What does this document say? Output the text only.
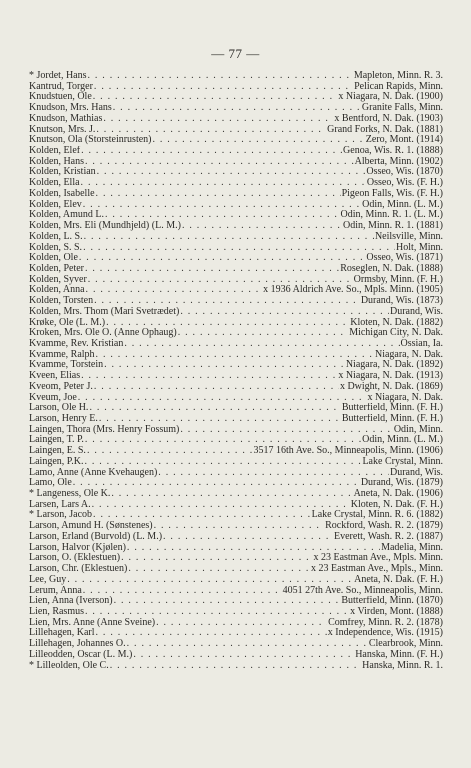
— 77 —
* Jordet, Hans . . .	Mapleton, Minn. R. 3.
Kantrud, Torger . . .	Pelican Rapids, Minn.
Knudstuen, Ole . . .	x Niagara, N. Dak. (1900)
Knudson, Mrs. Hans . . .	Granite Falls, Minn.
Knudson, Mathias . . .	x Bentford, N. Dak. (1903)
Knutson, Mrs. J. . . .	Grand Forks, N. Dak. (1881)
Knutson, Ola (Storsteinrusten) . . .	Zero, Mont. (1914)
Kolden, Elef . . .	Genoa, Wis. R. 1. (1888)
Kolden, Hans . . .	Alberta, Minn. (1902)
Kolden, Kristian . . .	Osseo, Wis. (1870)
Kolden, Ella . . .	Osseo, Wis. (F. H.)
Kolden, Isabelle . . .	Pigeon Falls, Wis. (F. H.)
Kolden, Elev . . .	Odin, Minn. (L. M.)
Kolden, Amund L. . . .	Odin, Minn. R. 1. (L. M.)
Kolden, Mrs. Eli (Mundhjeld) (L. M.) . . .	Odin, Minn. R. 1. (1881)
Kolden, L. S. . . .	Neilsville, Minn.
Kolden, S. S. . . .	Holt, Minn.
Kolden, Ole . . .	Osseo, Wis. (1871)
Kolden, Peter . . .	Roseglen, N. Dak. (1888)
Kolden, Syver . . .	Ormsby, Minn. (F. H.)
Kolden, Anna . . .	x 1936 Aldrich Ave. So., Mpls. Minn. (1905)
Kolden, Torsten . . .	Durand, Wis. (1873)
Kolden, Mrs. Thom (Mari Svetrædet) . . .	Durand, Wis.
Krøke, Ole (L. M.) . . .	Kloten, N. Dak. (1882)
Kroken, Mrs. Ole O. (Anne Ophaug) . . .	Michigan City, N. Dak.
Kvamme, Rev. Kristian . . .	Ossian, Ia.
Kvamme, Ralph . . .	Niagara, N. Dak.
Kvamme, Torstein . . .	Niagara, N. Dak. (1892)
Kveen, Elias . . .	x Niagara, N. Dak. (1913)
Kveom, Peter J. . . .	x Dwight, N. Dak. (1869)
Kveum, Joe . . .	x Niagara, N. Dak.
Larson, Ole H. . . .	Butterfield, Minn. (F. H.)
Larson, Henry E. . . .	Butterfield, Minn. (F. H.)
Laingen, Thora (Mrs. Henry Fossum) . . .	Odin, Minn.
Laingen, T. P. . . .	Odin, Minn. (L. M.)
Laingen, E. S. . . .	3517 16th Ave. So., Minneapolis, Minn. (1906)
Laingen, P.K. . . .	Lake Crystal, Minn.
Lamo, Anne (Anne Kvehaugen) . . .	Durand, Wis.
Lamo, Ole . . .	Durand, Wis. (1879)
* Langeness, Ole K. . . .	Aneta, N. Dak. (1906)
Larsen, Lars A. . . .	Kloten, N. Dak. (F. H.)
* Larson, Jacob . . .	Lake Crystal, Minn. R. 6. (1882)
Larson, Amund H. (Sønstenes) . . .	Rockford, Wash. R. 2. (1879)
Larson, Erland (Burvold) (L. M.) . . .	Everett, Wash. R. 2. (1887)
Larson, Halvor (Kjølen) . . .	Madelia, Minn.
Larson, O. (Eklestuen) . . .	x 23 Eastman Ave., Mpls. Minn.
Larson, Chr. (Eklestuen) . . .	x 23 Eastman Ave., Mpls., Minn.
Lee, Guy . . .	Aneta, N. Dak. (F. H.)
Lerum, Anna . . .	4051 27th Ave. So., Minneapolis, Minn.
Lien, Anna (Iverson) . . .	Butterfield, Minn. (1870)
Lien, Rasmus . . .	x Virden, Mont. (1888)
Lien, Mrs. Anne (Anne Sveine) . . .	Comfrey, Minn. R. 2. (1878)
Lillehagen, Karl . . .	x Independence, Wis. (1915)
Lillehagen, Johannes O. . . .	Clearbrook, Minn.
Lilleodden, Oscar (L. M.) . . .	Hanska, Minn. (F. H.)
* Lilleolden, Ole C. . . .	Hanska, Minn. R. 1.
